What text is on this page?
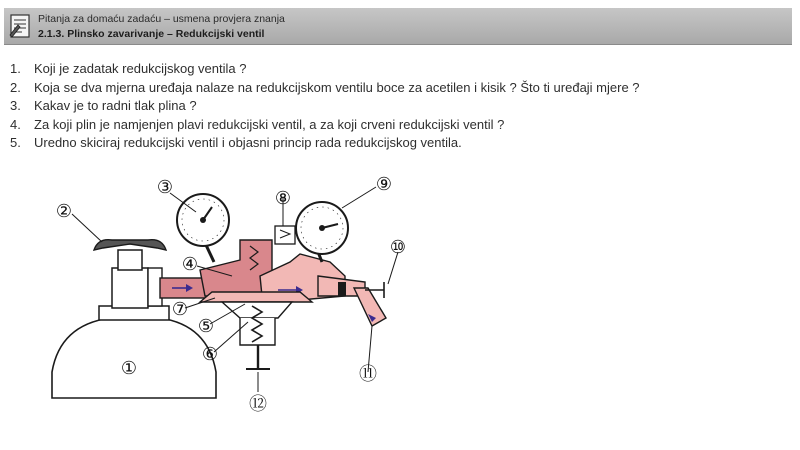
Pitanja za domaću zadaću – usmena provjera znanja
2.1.3. Plinsko zavarivanje – Redukcijski ventil
1. Koji je zadatak redukcijskog ventila ?
2. Koja se dva mjerna uređaja nalaze na redukcijskom ventilu boce za acetilen i kisik ? Što ti uređaji mjere ?
3. Kakav je to radni tlak plina ?
4. Za koji plin je namjenjen plavi redukcijski ventil, a za koji crveni redukcijski ventil ?
5. Uredno skiciraj redukcijski ventil i objasni princip rada redukcijskog ventila.
①
②
③
④
⑤
⑥
⑦
⑧
⑨
⑩
⑪
⑫
